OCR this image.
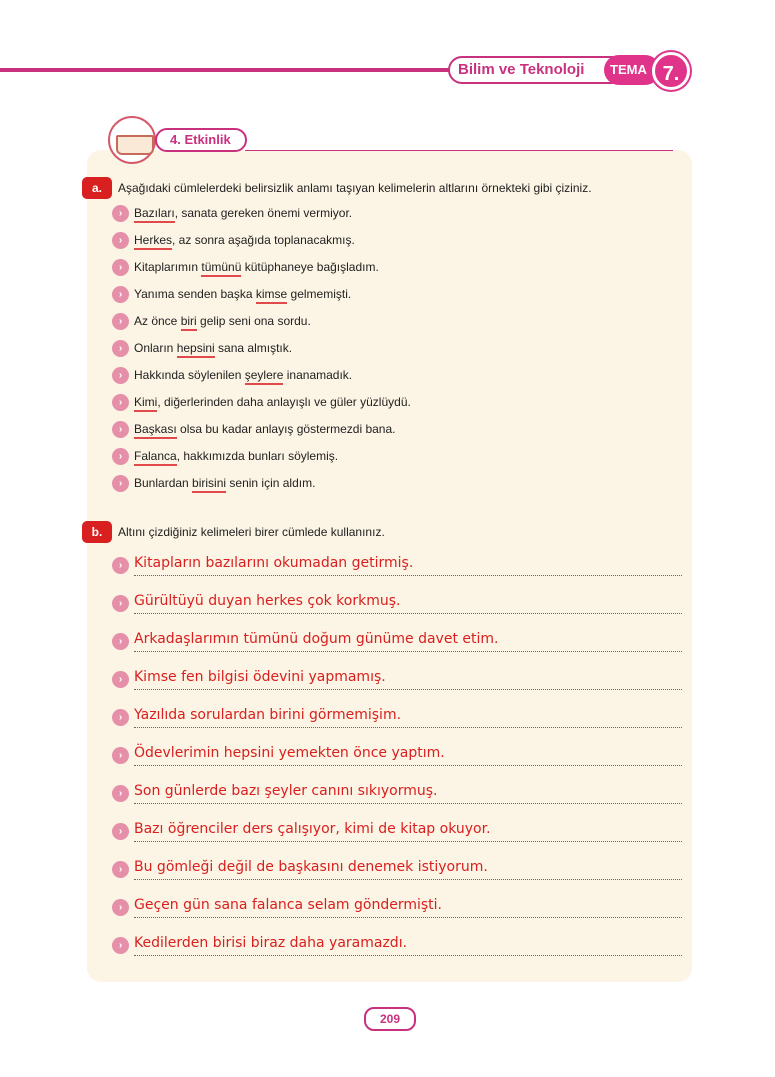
Bilim ve Teknoloji	TEMA 7.
4. Etkinlik
a.	Aşağıdaki cümlelerdeki belirsizlik anlamı taşıyan kelimelerin altlarını örnekteki gibi çiziniz.
› Bazıları, sanata gereken önemi vermiyor.
› Herkes, az sonra aşağıda toplanacakmış.
› Kitaplarımın tümünü kütüphaneye bağışladım.
› Yanıma senden başka kimse gelmemişti.
› Az önce biri gelip seni ona sordu.
› Onların hepsini sana almıştık.
› Hakkında söylenilen şeylere inanamadık.
› Kimi, diğerlerinden daha anlayışlı ve güler yüzlüydü.
› Başkası olsa bu kadar anlayış göstermezdi bana.
› Falanca, hakkımızda bunları söylemiş.
› Bunlardan birisini senin için aldım.
b.	Altını çizdiğiniz kelimeleri birer cümlede kullanınız.
› Kitapların bazılarını okumadan getirmiş.
› Gürültüyü duyan herkes çok korkmuş.
› Arkadaşlarımın tümünü doğum günüme davet etim.
› Kimse fen bilgisi ödevini yapmamış.
› Yazılıda sorulardan birini görmemişim.
› Ödevlerimin hepsini yemekten önce yaptım.
› Son günlerde bazı şeyler canını sıkıyormuş.
› Bazı öğrenciler ders çalışıyor, kimi de kitap okuyor.
› Bu gömleği değil de başkasını denemek istiyorum.
› Geçen gün sana falanca selam göndermişti.
› Kedilerden birisi biraz daha yaramazdı.
209
